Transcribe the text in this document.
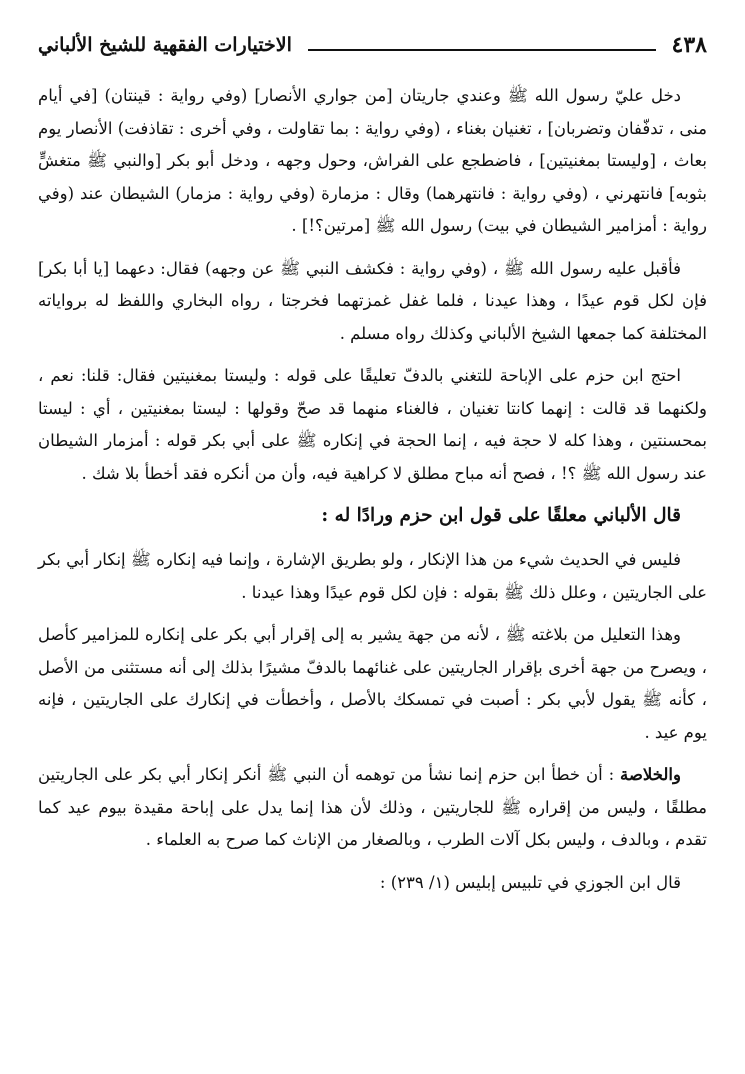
٤٣٨
الاختيارات الفقهية للشيخ الألباني

دخل عليّ رسول الله ﷺ وعندي جاريتان [من جواري الأنصار] (وفي رواية : قينتان) [في أيام منى ، تدفّفان وتضربان] ، تغنيان بغناء ، (وفي رواية : بما تقاولت ، وفي أخرى : تقاذفت) الأنصار يوم بعاث ، [وليستا بمغنيتين] ، فاضطجع على الفراش، وحول وجهه ، ودخل أبو بكر [والنبي ﷺ متغشٍّ بثوبه] فانتهرني ، (وفي رواية : فانتهرهما) وقال : مزمارة (وفي رواية : مزمار) الشيطان عند (وفي رواية : أمزامير الشيطان في بيت) رسول الله ﷺ [مرتين؟!] .

فأقبل عليه رسول الله ﷺ ، (وفي رواية : فكشف النبي ﷺ عن وجهه) فقال: دعهما [يا أبا بكر] فإن لكل قوم عيدًا ، وهذا عيدنا ، فلما غفل غمزتهما فخرجتا ، رواه البخاري واللفظ له برواياته المختلفة كما جمعها الشيخ الألباني وكذلك رواه مسلم .

احتج ابن حزم على الإباحة للتغني بالدفّ تعليقًا على قوله : وليستا بمغنيتين فقال: قلنا: نعم ، ولكنهما قد قالت : إنهما كانتا تغنيان ، فالغناء منهما قد صحّ وقولها : ليستا بمغنيتين ، أي : ليستا بمحسنتين ، وهذا كله لا حجة فيه ، إنما الحجة في إنكاره ﷺ على أبي بكر قوله : أمزمار الشيطان عند رسول الله ﷺ ؟! ، فصح أنه مباح مطلق لا كراهية فيه، وأن من أنكره فقد أخطأ بلا شك .

قال الألباني معلقًا على قول ابن حزم ورادًا له :

فليس في الحديث شيء من هذا الإنكار ، ولو بطريق الإشارة ، وإنما فيه إنكاره ﷺ إنكار أبي بكر على الجاريتين ، وعلل ذلك ﷺ بقوله : فإن لكل قوم عيدًا وهذا عيدنا .

وهذا التعليل من بلاغته ﷺ ، لأنه من جهة يشير به إلى إقرار أبي بكر على إنكاره للمزامير كأصل ، ويصرح من جهة أخرى بإقرار الجاريتين على غنائهما بالدفّ مشيرًا بذلك إلى أنه مستثنى من الأصل ، كأنه ﷺ يقول لأبي بكر : أصبت في تمسكك بالأصل ، وأخطأت في إنكارك على الجاريتين ، فإنه يوم عيد .

والخلاصة : أن خطأ ابن حزم إنما نشأ من توهمه أن النبي ﷺ أنكر إنكار أبي بكر على الجاريتين مطلقًا ، وليس من إقراره ﷺ للجاريتين ، وذلك لأن هذا إنما يدل على إباحة مقيدة بيوم عيد كما تقدم ، وبالدف ، وليس بكل آلات الطرب ، وبالصغار من الإناث كما صرح به العلماء .

قال ابن الجوزي في تلبيس إبليس (١/ ٢٣٩) :
